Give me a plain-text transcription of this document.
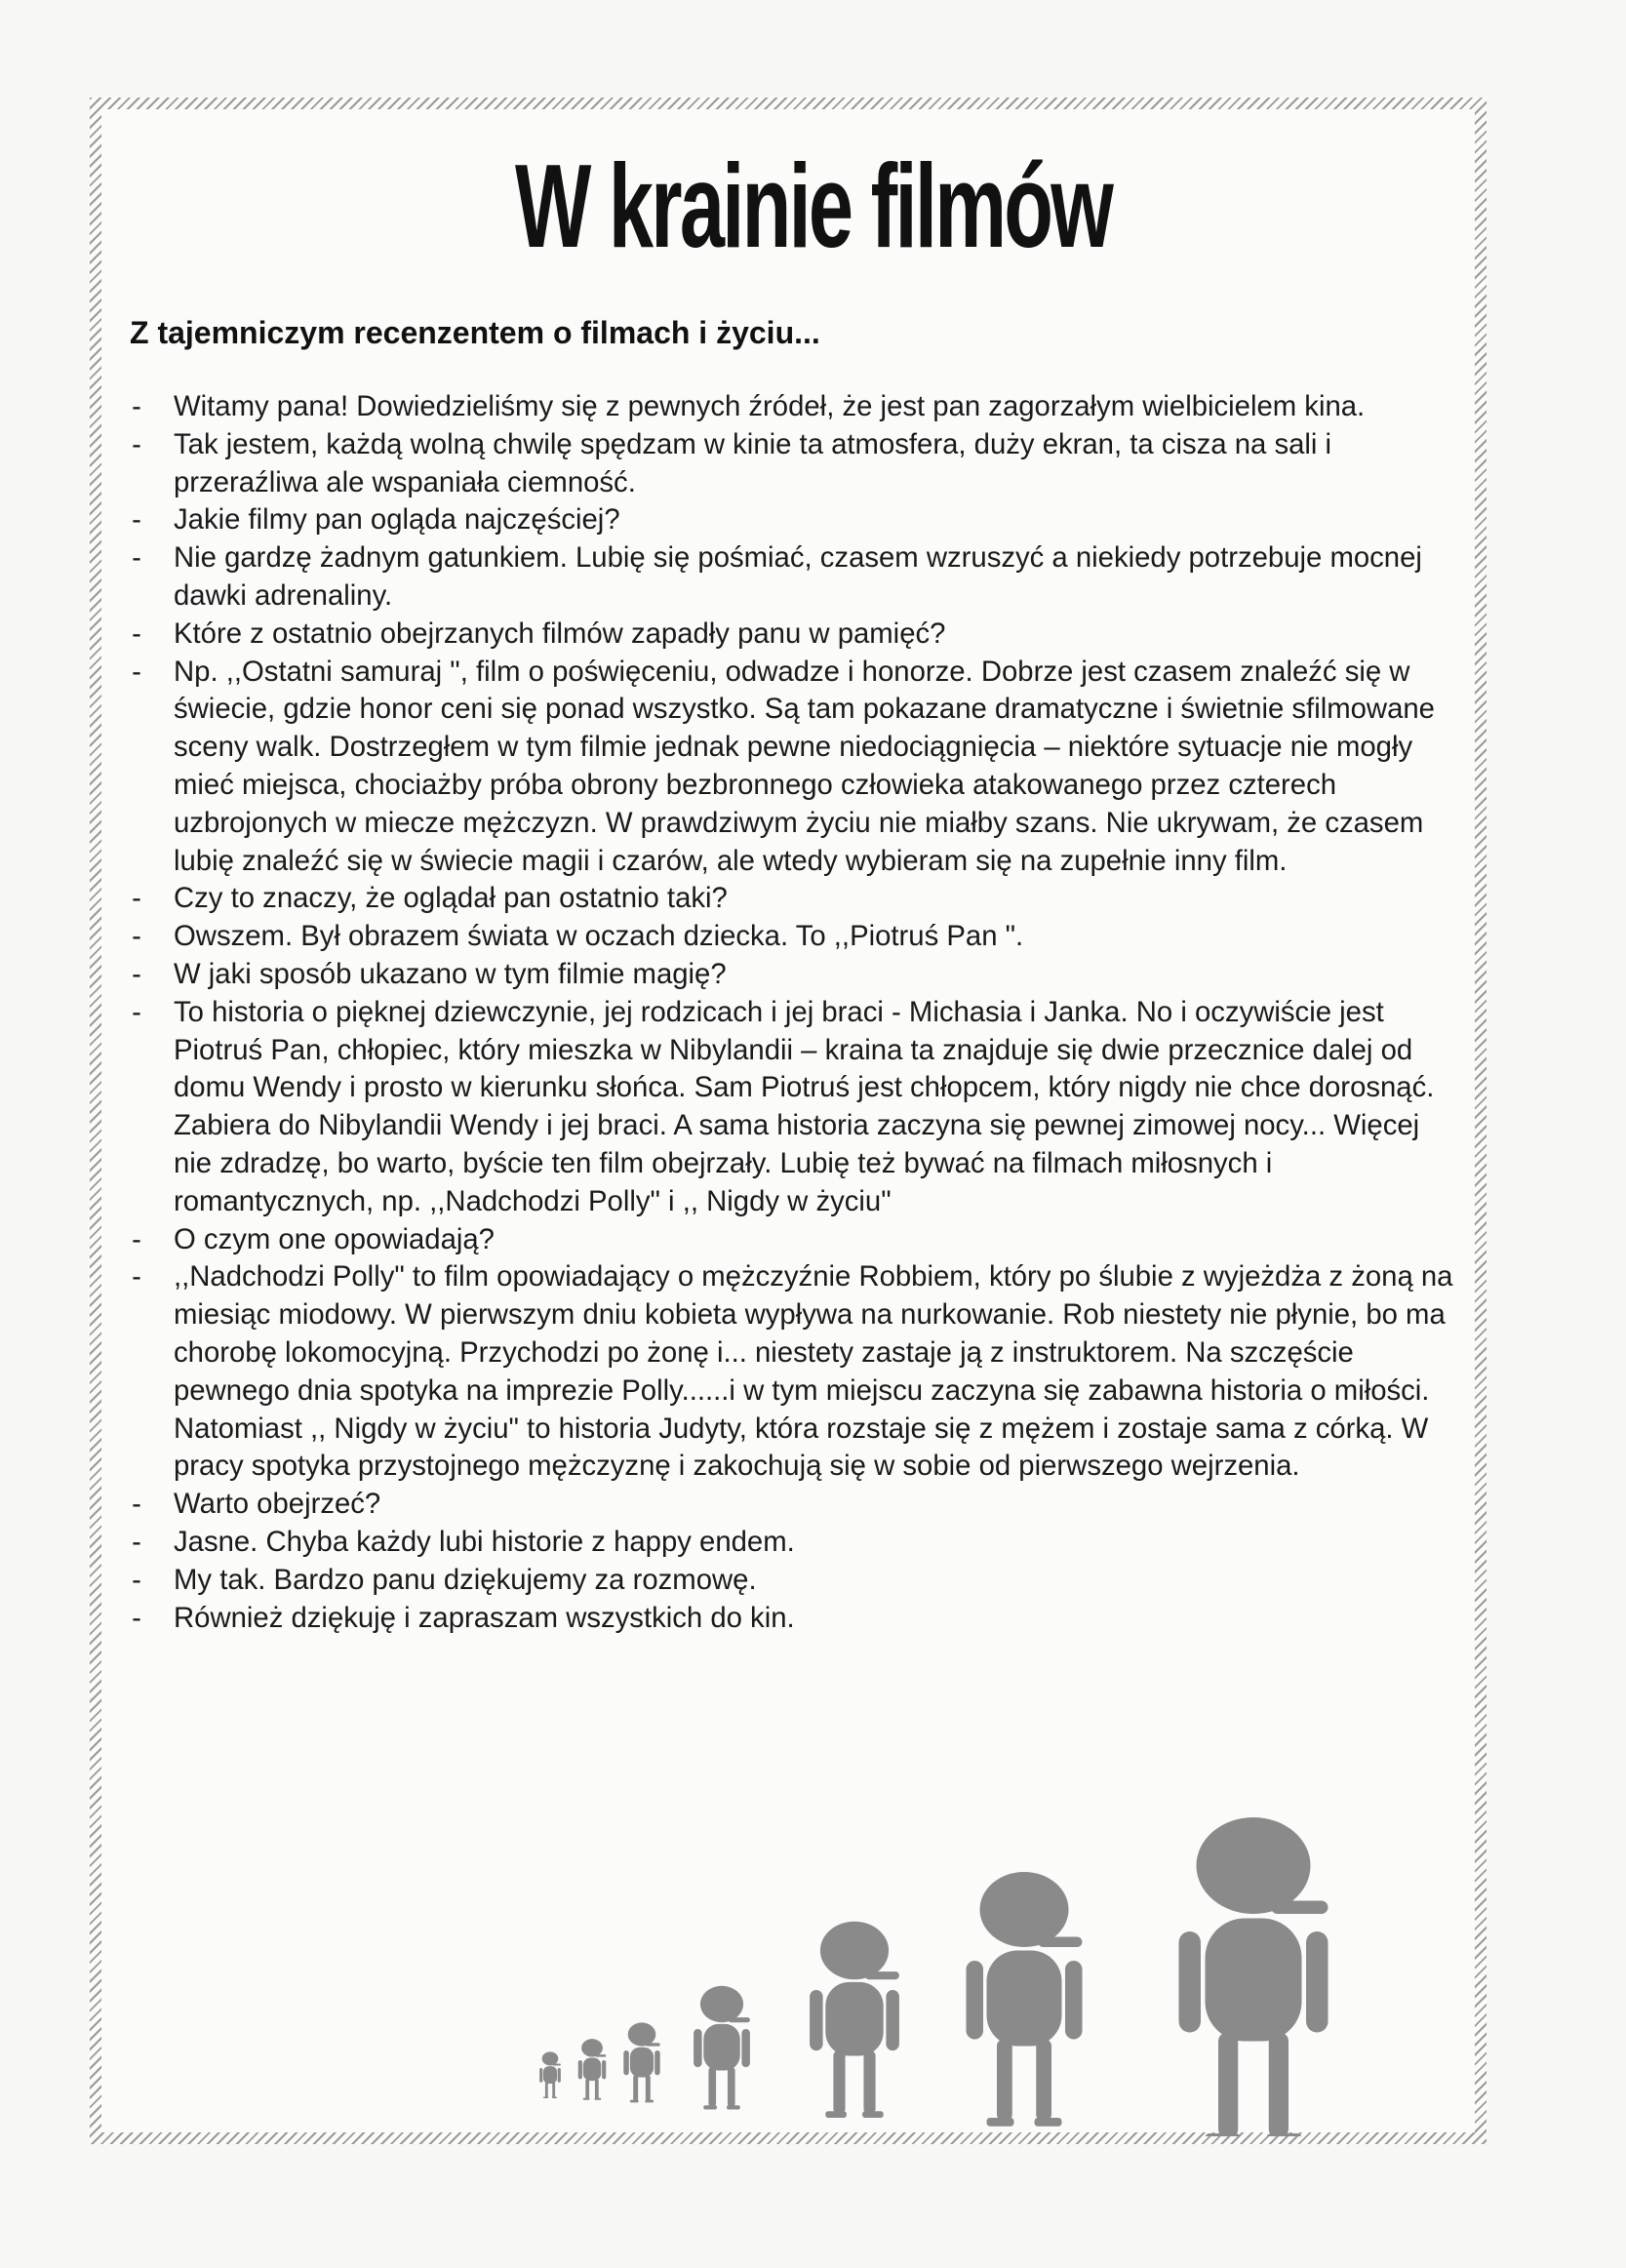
W krainie filmów
Z tajemniczym recenzentem o filmach i życiu...
- Witamy pana! Dowiedzieliśmy się z pewnych źródeł, że jest pan zagorzałym wielbicielem kina.
- Tak jestem, każdą wolną chwilę spędzam w kinie ta atmosfera, duży ekran, ta cisza na sali i przeraźliwa ale wspaniała ciemność.
- Jakie filmy pan ogląda najczęściej?
- Nie gardzę żadnym gatunkiem. Lubię się pośmiać, czasem wzruszyć a niekiedy potrzebuje mocnej dawki adrenaliny.
- Które z ostatnio obejrzanych filmów zapadły panu w pamięć?
- Np. ,,Ostatni samuraj ", film o poświęceniu, odwadze i honorze. Dobrze jest czasem znaleźć się w świecie, gdzie honor ceni się ponad wszystko. Są tam pokazane dramatyczne i świetnie sfilmowane sceny walk. Dostrzegłem w tym filmie jednak pewne niedociągnięcia – niektóre sytuacje nie mogły mieć miejsca, chociażby próba obrony bezbronnego człowieka atakowanego przez czterech uzbrojonych w miecze mężczyzn. W prawdziwym życiu nie miałby szans. Nie ukrywam, że czasem lubię znaleźć się w świecie magii i czarów, ale wtedy wybieram się na zupełnie inny film.
- Czy to znaczy, że oglądał pan ostatnio taki?
- Owszem. Był obrazem świata w oczach dziecka. To ,,Piotruś Pan ".
- W jaki sposób ukazano w tym filmie magię?
- To historia o pięknej dziewczynie, jej rodzicach i jej braci - Michasia i Janka. No i oczywiście jest Piotruś Pan, chłopiec, który mieszka w Nibylandii – kraina ta znajduje się dwie przecznice dalej od domu Wendy i prosto w kierunku słońca. Sam Piotruś jest chłopcem, który nigdy nie chce dorosnąć. Zabiera do Nibylandii Wendy i jej braci. A sama historia zaczyna się pewnej zimowej nocy... Więcej nie zdradzę, bo warto, byście ten film obejrzały. Lubię też bywać na filmach miłosnych i romantycznych, np. ,,Nadchodzi Polly" i ,, Nigdy w życiu"
- O czym one opowiadają?
- ,,Nadchodzi Polly" to film opowiadający o mężczyźnie Robbiem, który po ślubie z wyjeżdża z żoną na miesiąc miodowy. W pierwszym dniu kobieta wypływa na nurkowanie. Rob niestety nie płynie, bo ma chorobę lokomocyjną. Przychodzi po żonę i... niestety zastaje ją z instruktorem. Na szczęście pewnego dnia spotyka na imprezie Polly......i w tym miejscu zaczyna się zabawna historia o miłości. Natomiast ,, Nigdy w życiu" to historia Judyty, która rozstaje się z mężem i zostaje sama z córką. W pracy spotyka przystojnego mężczyznę i zakochują się w sobie od pierwszego wejrzenia.
- Warto obejrzeć?
- Jasne. Chyba każdy lubi historie z happy endem.
- My tak. Bardzo panu dziękujemy za rozmowę.
- Również dziękuję i zapraszam wszystkich do kin.
